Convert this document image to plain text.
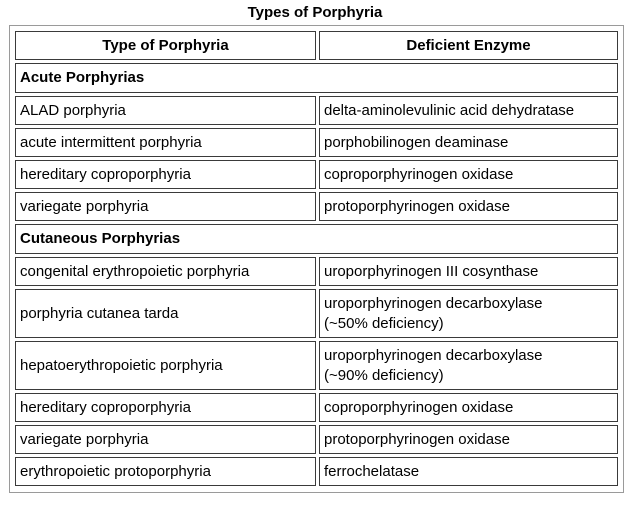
Types of Porphyria
Type of Porphyria	Deficient Enzyme
Acute Porphyrias	
ALAD porphyria	delta-aminolevulinic acid dehydratase
acute intermittent porphyria	porphobilinogen deaminase
hereditary coproporphyria	coproporphyrinogen oxidase
variegate porphyria	protoporphyrinogen oxidase
Cutaneous Porphyrias	
congenital erythropoietic porphyria	uroporphyrinogen III cosynthase
porphyria cutanea tarda	uroporphyrinogen decarboxylase
(~50% deficiency)
hepatoerythropoietic porphyria	uroporphyrinogen decarboxylase
(~90% deficiency)
hereditary coproporphyria	coproporphyrinogen oxidase
variegate porphyria	protoporphyrinogen oxidase
erythropoietic protoporphyria	ferrochelatase
